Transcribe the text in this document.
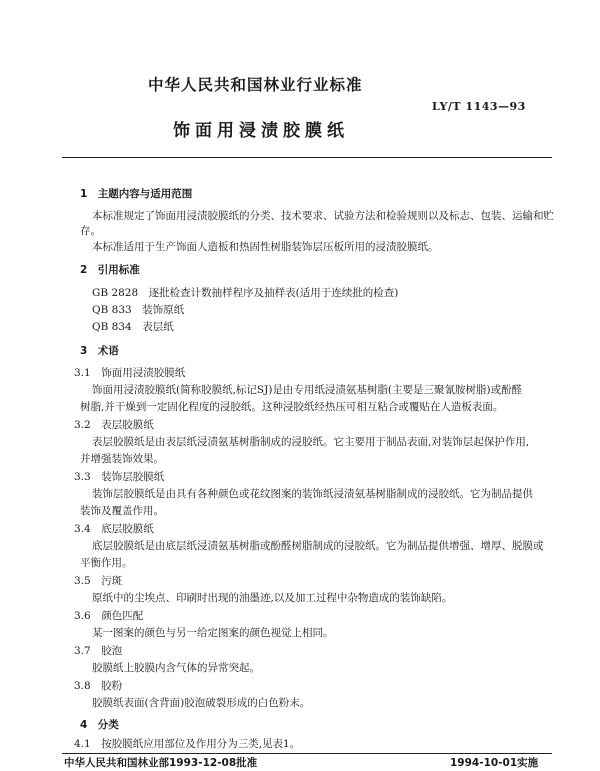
中华人民共和国林业行业标准
LY/T 1143—93
饰面用浸渍胶膜纸
1　主题内容与适用范围
本标准规定了饰面用浸渍胶膜纸的分类、技术要求、试验方法和检验规则以及标志、包装、运输和贮
存。
本标准适用于生产饰面人造板和热固性树脂装饰层压板所用的浸渍胶膜纸。
2　引用标准
GB 2828　逐批检查计数抽样程序及抽样表(适用于连续批的检查)
QB 833　装饰原纸
QB 834　表层纸
3　术语
3.1　饰面用浸渍胶膜纸
饰面用浸渍胶膜纸(简称胶膜纸,标记SJ)是由专用纸浸渍氨基树脂(主要是三聚氰胺树脂)或酚醛
树脂,并干燥到一定固化程度的浸胶纸。这种浸胶纸经热压可相互粘合或覆贴在人造板表面。
3.2　表层胶膜纸
表层胶膜纸是由表层纸浸渍氨基树脂制成的浸胶纸。它主要用于制品表面,对装饰层起保护作用,
并增强装饰效果。
3.3　装饰层胶膜纸
装饰层胶膜纸是由具有各种颜色或花纹图案的装饰纸浸渍氨基树脂制成的浸胶纸。它为制品提供
装饰及覆盖作用。
3.4　底层胶膜纸
底层胶膜纸是由底层纸浸渍氨基树脂或酚醛树脂制成的浸胶纸。它为制品提供增强、增厚、脱膜或
平衡作用。
3.5　污斑
原纸中的尘埃点、印刷时出现的油墨迹,以及加工过程中杂物造成的装饰缺陷。
3.6　颜色匹配
某一图案的颜色与另一给定图案的颜色视觉上相同。
3.7　胶泡
胶膜纸上胶膜内含气体的异常突起。
3.8　胶粉
胶膜纸表面(含背面)胶泡破裂形成的白色粉末。
4　分类
4.1　按胶膜纸应用部位及作用分为三类,见表1。
中华人民共和国林业部1993-12-08批准	1994-10-01实施
